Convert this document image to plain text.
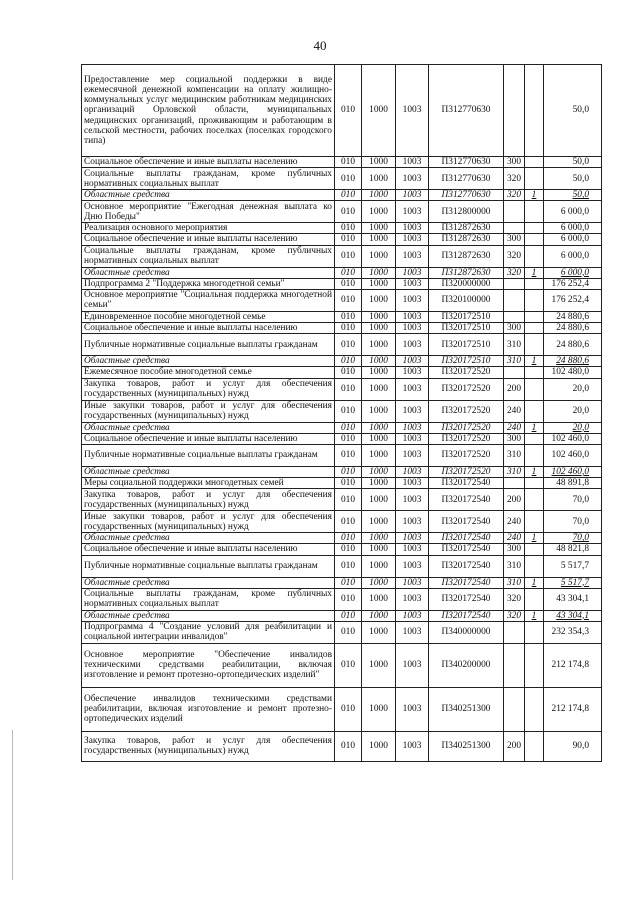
40
Предоставление мер социальной поддержки в виде ежемесячной денежной компенсации на оплату жилищно-коммунальных услуг медицинским работникам медицинских организаций Орловской области, муниципальных медицинских организаций, проживающим и работающим в сельской местности, рабочих поселках (поселках городского типа)	010	1000	1003	П312770630			50,0
Социальное обеспечение и иные выплаты населению	010	1000	1003	П312770630	300		50,0
Социальные выплаты гражданам, кроме публичных нормативных социальных выплат	010	1000	1003	П312770630	320		50,0
Областные средства	010	1000	1003	П312770630	320	1	50,0
Основное мероприятие "Ежегодная денежная выплата ко Дню Победы"	010	1000	1003	П312800000			6 000,0
Реализация основного мероприятия	010	1000	1003	П312872630			6 000,0
Социальное обеспечение и иные выплаты населению	010	1000	1003	П312872630	300		6 000,0
Социальные выплаты гражданам, кроме публичных нормативных социальных выплат	010	1000	1003	П312872630	320		6 000,0
Областные средства	010	1000	1003	П312872630	320	1	6 000,0
Подпрограмма 2 "Поддержка многодетной семьи"	010	1000	1003	П320000000			176 252,4
Основное мероприятие "Социальная поддержка многодетной семьи"	010	1000	1003	П320100000			176 252,4
Единовременное пособие многодетной семье	010	1000	1003	П320172510			24 880,6
Социальное обеспечение и иные выплаты населению	010	1000	1003	П320172510	300		24 880,6
Публичные нормативные социальные выплаты гражданам	010	1000	1003	П320172510	310		24 880,6
Областные средства	010	1000	1003	П320172510	310	1	24 880,6
Ежемесячное пособие многодетной семье	010	1000	1003	П320172520			102 480,0
Закупка товаров, работ и услуг для обеспечения государственных (муниципальных) нужд	010	1000	1003	П320172520	200		20,0
Иные закупки товаров, работ и услуг для обеспечения государственных (муниципальных) нужд	010	1000	1003	П320172520	240		20,0
Областные средства	010	1000	1003	П320172520	240	1	20,0
Социальное обеспечение и иные выплаты населению	010	1000	1003	П320172520	300		102 460,0
Публичные нормативные социальные выплаты гражданам	010	1000	1003	П320172520	310		102 460,0
Областные средства	010	1000	1003	П320172520	310	1	102 460,0
Меры социальной поддержки многодетных семей	010	1000	1003	П320172540			48 891,8
Закупка товаров, работ и услуг для обеспечения государственных (муниципальных) нужд	010	1000	1003	П320172540	200		70,0
Иные закупки товаров, работ и услуг для обеспечения государственных (муниципальных) нужд	010	1000	1003	П320172540	240		70,0
Областные средства	010	1000	1003	П320172540	240	1	70,0
Социальное обеспечение и иные выплаты населению	010	1000	1003	П320172540	300		48 821,8
Публичные нормативные социальные выплаты гражданам	010	1000	1003	П320172540	310		5 517,7
Областные средства	010	1000	1003	П320172540	310	1	5 517,7
Социальные выплаты гражданам, кроме публичных нормативных социальных выплат	010	1000	1003	П320172540	320		43 304,1
Областные средства	010	1000	1003	П320172540	320	1	43 304,1
Подпрограмма 4 "Создание условий для реабилитации и социальной интеграции инвалидов"	010	1000	1003	П340000000			232 354,3
Основное мероприятие "Обеспечение инвалидов техническими средствами реабилитации, включая изготовление и ремонт протезно-ортопедических изделий"	010	1000	1003	П340200000			212 174,8
Обеспечение инвалидов техническими средствами реабилитации, включая изготовление и ремонт протезно-ортопедических изделий	010	1000	1003	П340251300			212 174,8
Закупка товаров, работ и услуг для обеспечения государственных (муниципальных) нужд	010	1000	1003	П340251300	200		90,0
